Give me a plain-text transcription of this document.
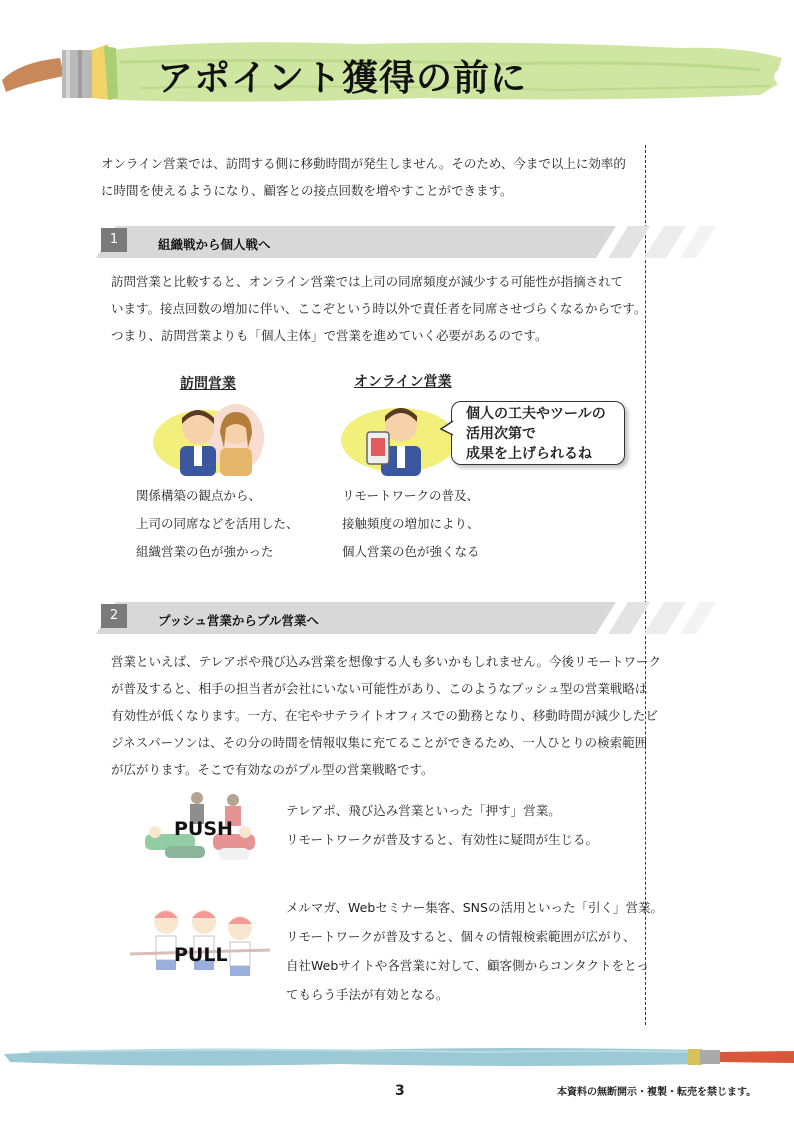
アポイント獲得の前に
オンライン営業では、訪問する側に移動時間が発生しません。そのため、今まで以上に効率的
に時間を使えるようになり、顧客との接点回数を増やすことができます。
1	組織戦から個人戦へ
訪問営業と比較すると、オンライン営業では上司の同席頻度が減少する可能性が指摘されて
います。接点回数の増加に伴い、ここぞという時以外で責任者を同席させづらくなるからです。
つまり、訪問営業よりも「個人主体」で営業を進めていく必要があるのです。
訪問営業	オンライン営業
個人の工夫やツールの
活用次第で
成果を上げられるね
関係構築の観点から、
上司の同席などを活用した、
組織営業の色が強かった
リモートワークの普及、
接触頻度の増加により、
個人営業の色が強くなる
2	プッシュ営業からプル営業へ
営業といえば、テレアポや飛び込み営業を想像する人も多いかもしれません。今後リモートワーク
が普及すると、相手の担当者が会社にいない可能性があり、このようなプッシュ型の営業戦略は
有効性が低くなります。一方、在宅やサテライトオフィスでの勤務となり、移動時間が減少したビ
ジネスパーソンは、その分の時間を情報収集に充てることができるため、一人ひとりの検索範囲
が広がります。そこで有効なのがプル型の営業戦略です。
PUSH
テレアポ、飛び込み営業といった「押す」営業。
リモートワークが普及すると、有効性に疑問が生じる。
PULL
メルマガ、Webセミナー集客、SNSの活用といった「引く」営業。
リモートワークが普及すると、個々の情報検索範囲が広がり、
自社Webサイトや各営業に対して、顧客側からコンタクトをとっ
てもらう手法が有効となる。
3	本資料の無断開示・複製・転売を禁じます。
